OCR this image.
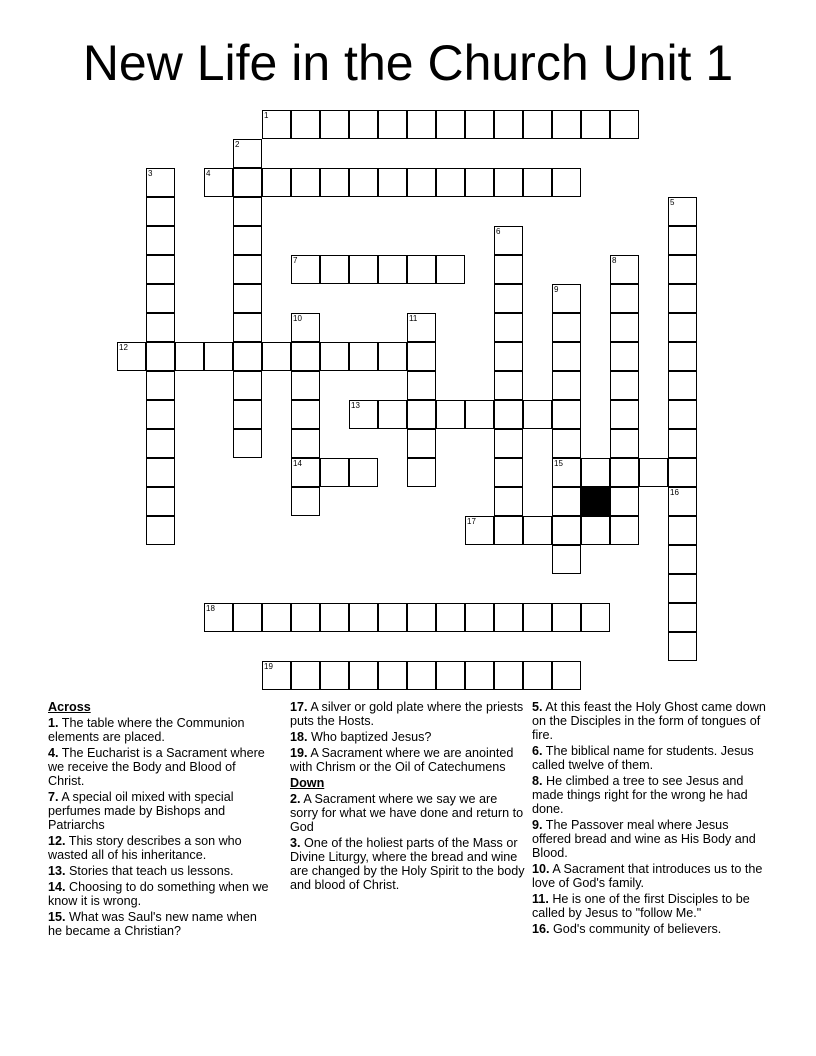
New Life in the Church Unit 1
1
4
7
12
13
14	15
17
18
19
2
3
5
6
8
9
10	11
16
Across
1. The table where the Communion elements are placed.
4. The Eucharist is a Sacrament where we receive the Body and Blood of Christ.
7. A special oil mixed with special perfumes made by Bishops and Patriarchs
12. This story describes a son who wasted all of his inheritance.
13. Stories that teach us lessons.
14. Choosing to do something when we know it is wrong.
15. What was Saul's new name when he became a Christian?
17. A silver or gold plate where the priests puts the Hosts.
18. Who baptized Jesus?
19. A Sacrament where we are anointed with Chrism or the Oil of Catechumens
Down
2. A Sacrament where we say we are sorry for what we have done and return to God
3. One of the holiest parts of the Mass or Divine Liturgy, where the bread and wine are changed by the Holy Spirit to the body and blood of Christ.
5. At this feast the Holy Ghost came down on the Disciples in the form of tongues of fire.
6. The biblical name for students. Jesus called twelve of them.
8. He climbed a tree to see Jesus and made things right for the wrong he had done.
9. The Passover meal where Jesus offered bread and wine as His Body and Blood.
10. A Sacrament that introduces us to the love of God's family.
11. He is one of the first Disciples to be called by Jesus to "follow Me."
16. God's community of believers.
